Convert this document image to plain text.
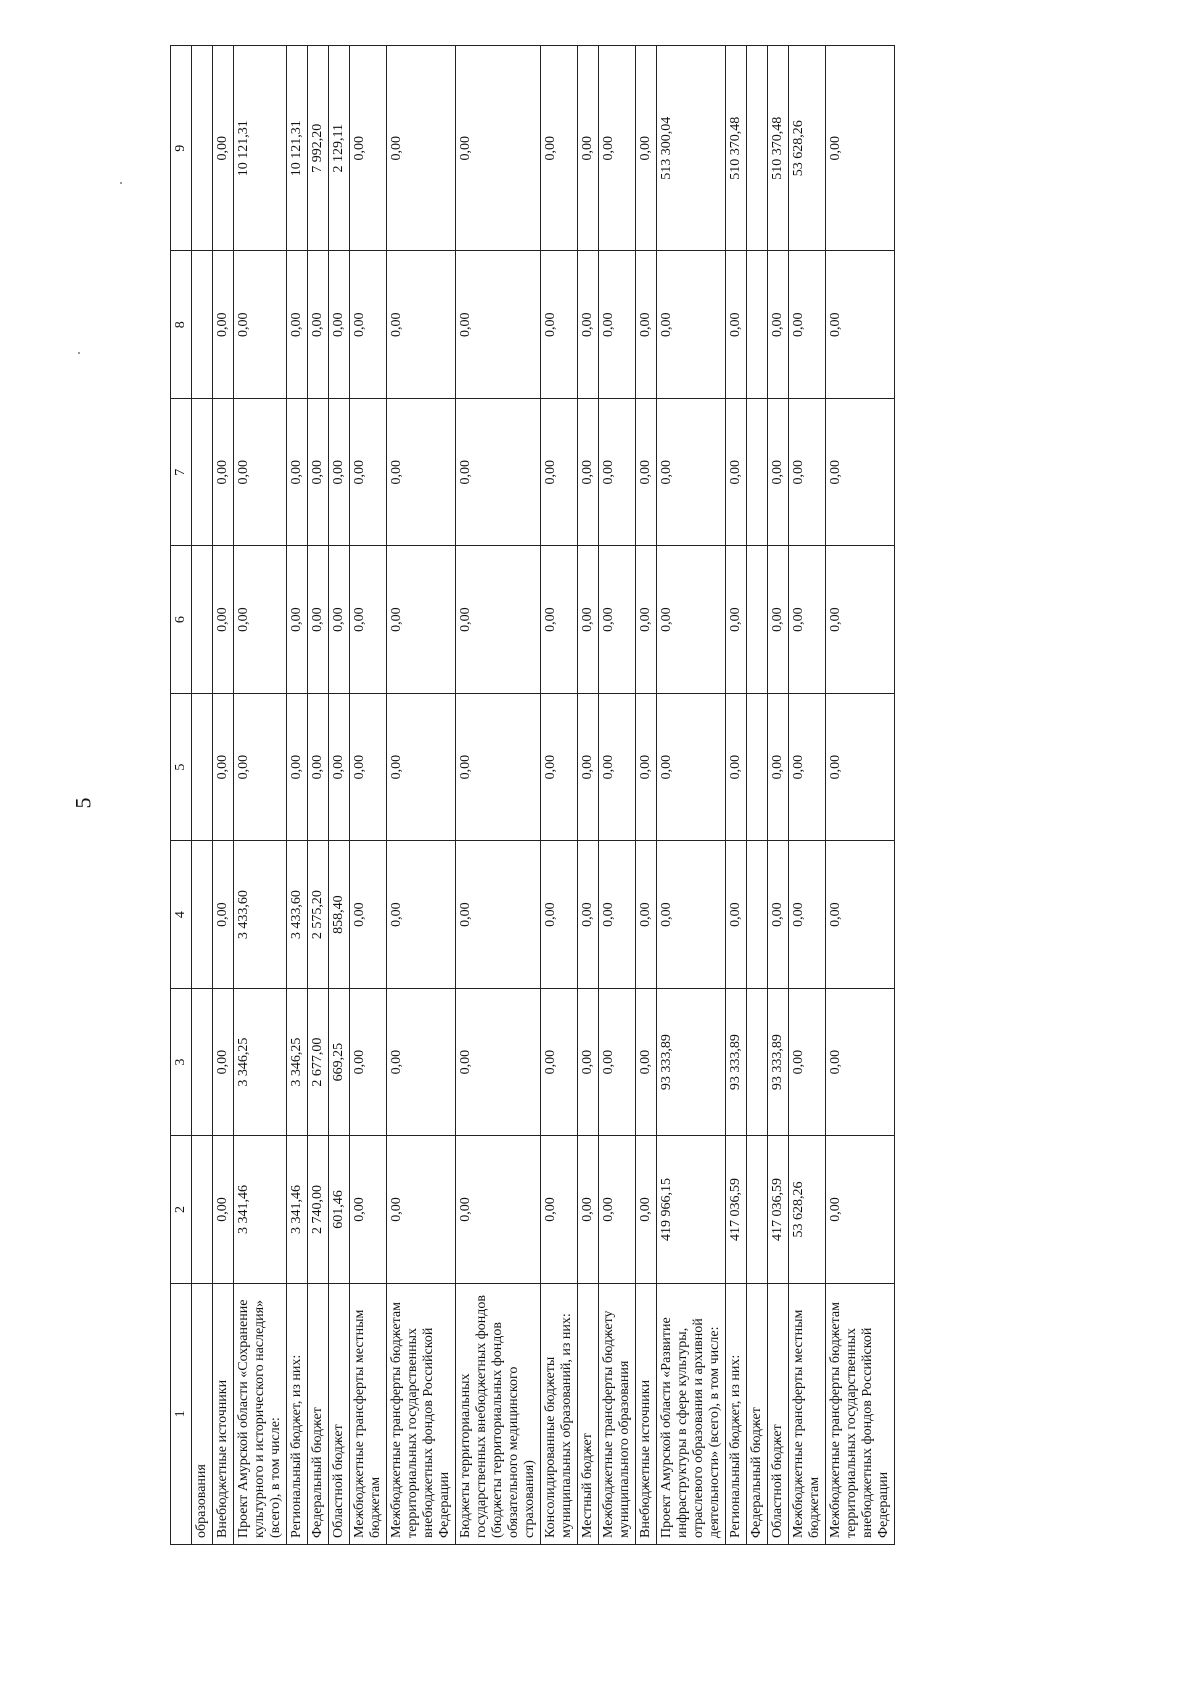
5
1	2	3	4	5	6	7	8	9
образования								
Внебюджетные источники	0,00	0,00	0,00	0,00	0,00	0,00	0,00	0,00
Проект Амурской области «Сохранение культурного и исторического наследия» (всего), в том числе:	3 341,46	3 346,25	3 433,60	0,00	0,00	0,00	0,00	10 121,31
Региональный бюджет, из них:	3 341,46	3 346,25	3 433,60	0,00	0,00	0,00	0,00	10 121,31
Федеральный бюджет	2 740,00	2 677,00	2 575,20	0,00	0,00	0,00	0,00	7 992,20
Областной бюджет	601,46	669,25	858,40	0,00	0,00	0,00	0,00	2 129,11
Межбюджетные трансферты местным бюджетам	0,00	0,00	0,00	0,00	0,00	0,00	0,00	0,00
Межбюджетные трансферты бюджетам территориальных государственных внебюджетных фондов Российской Федерации	0,00	0,00	0,00	0,00	0,00	0,00	0,00	0,00
Бюджеты территориальных государственных внебюджетных фондов (бюджеты территориальных фондов обязательного медицинского страхования)	0,00	0,00	0,00	0,00	0,00	0,00	0,00	0,00
Консолидированные бюджеты муниципальных образований, из них:	0,00	0,00	0,00	0,00	0,00	0,00	0,00	0,00
Местный бюджет	0,00	0,00	0,00	0,00	0,00	0,00	0,00	0,00
Межбюджетные трансферты бюджету муниципального образования	0,00	0,00	0,00	0,00	0,00	0,00	0,00	0,00
Внебюджетные источники	0,00	0,00	0,00	0,00	0,00	0,00	0,00	0,00
Проект Амурской области «Развитие инфраструктуры в сфере культуры, отраслевого образования и архивной деятельности» (всего), в том числе:	419 966,15	93 333,89	0,00	0,00	0,00	0,00	0,00	513 300,04
Региональный бюджет, из них:	417 036,59	93 333,89	0,00	0,00	0,00	0,00	0,00	510 370,48
Федеральный бюджет								
Областной бюджет	417 036,59	93 333,89	0,00	0,00	0,00	0,00	0,00	510 370,48
Межбюджетные трансферты местным бюджетам	53 628,26	0,00	0,00	0,00	0,00	0,00	0,00	53 628,26
Межбюджетные трансферты бюджетам территориальных государственных внебюджетных фондов Российской Федерации	0,00	0,00	0,00	0,00	0,00	0,00	0,00	0,00
